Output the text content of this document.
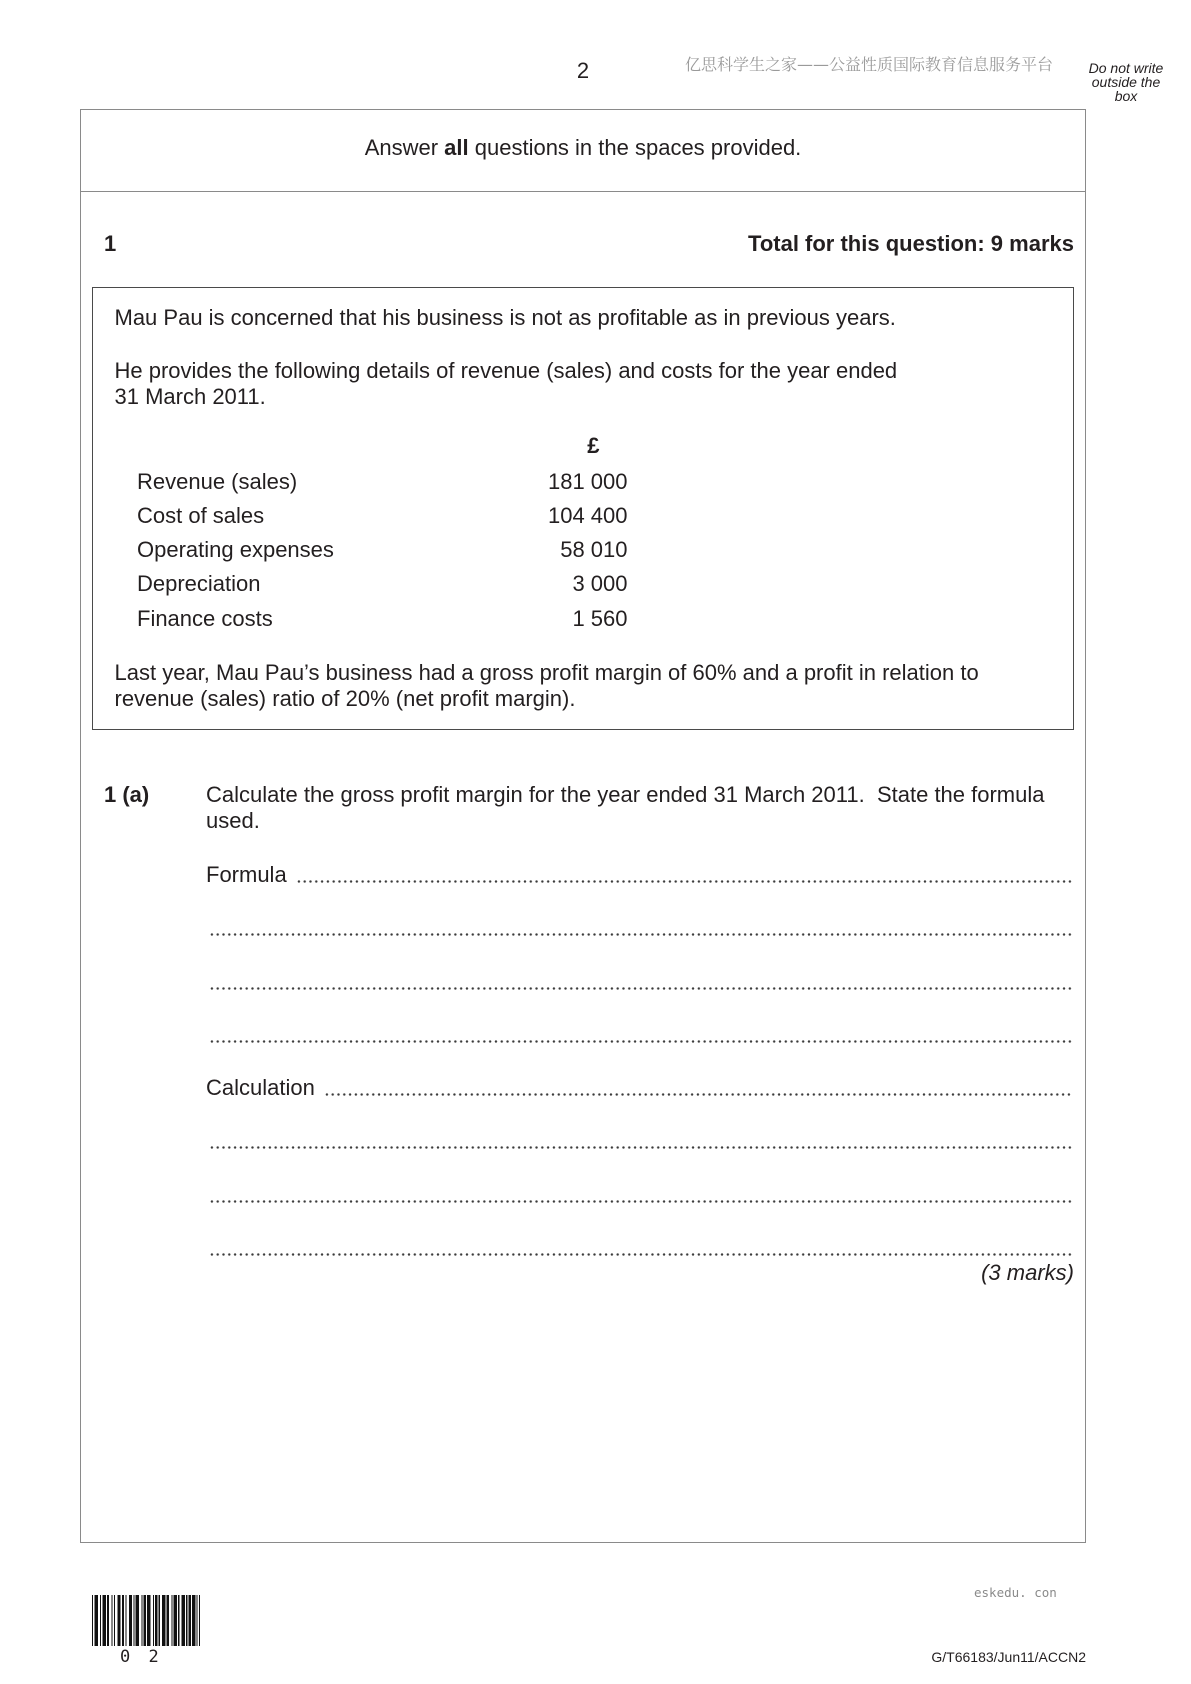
2	亿思科学生之家——公益性质国际教育信息服务平台	Do not write
outside the
box
Answer all questions in the spaces provided.
1	Total for this question: 9 marks
Mau Pau is concerned that his business is not as profitable as in previous years.
He provides the following details of revenue (sales) and costs for the year ended
31 March 2011.
£
Revenue (sales)	181 000
Cost of sales	104 400
Operating expenses	58 010
Depreciation	3 000
Finance costs	1 560
Last year, Mau Pau’s business had a gross profit margin of 60% and a profit in relation to
revenue (sales) ratio of 20% (net profit margin).
1 (a)	Calculate the gross profit margin for the year ended 31 March 2011.  State the formula
used.
Formula
Calculation
(3 marks)
eskedu. con
0 2	G/T66183/Jun11/ACCN2
